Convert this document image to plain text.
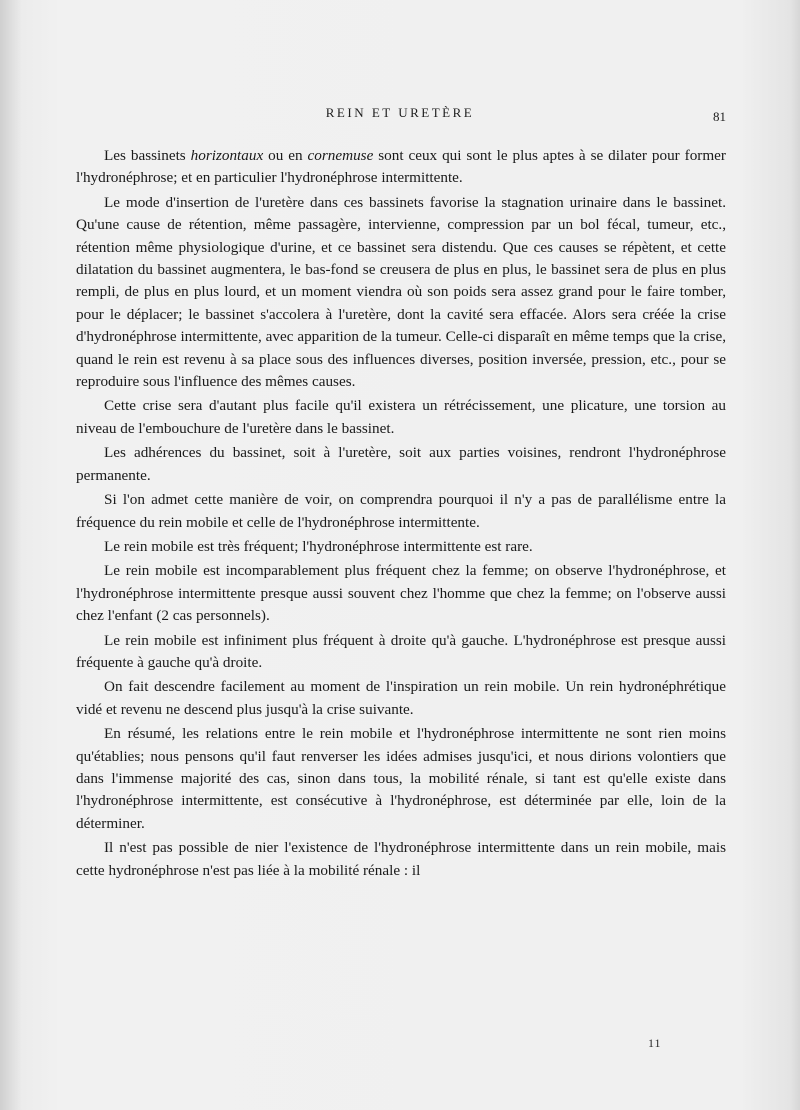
REIN ET URETÈRE	81

Les bassinets horizontaux ou en cornemuse sont ceux qui sont le plus aptes à se dilater pour former l'hydronéphrose; et en particulier l'hydronéphrose intermittente.

Le mode d'insertion de l'uretère dans ces bassinets favorise la stagnation urinaire dans le bassinet. Qu'une cause de rétention, même passagère, intervienne, compression par un bol fécal, tumeur, etc., rétention même physiologique d'urine, et ce bassinet sera distendu. Que ces causes se répètent, et cette dilatation du bassinet augmentera, le bas-fond se creusera de plus en plus, le bassinet sera de plus en plus rempli, de plus en plus lourd, et un moment viendra où son poids sera assez grand pour le faire tomber, pour le déplacer; le bassinet s'accolera à l'uretère, dont la cavité sera effacée. Alors sera créée la crise d'hydronéphrose intermittente, avec apparition de la tumeur. Celle-ci disparaît en même temps que la crise, quand le rein est revenu à sa place sous des influences diverses, position inversée, pression, etc., pour se reproduire sous l'influence des mêmes causes.

Cette crise sera d'autant plus facile qu'il existera un rétrécissement, une plicature, une torsion au niveau de l'embouchure de l'uretère dans le bassinet.

Les adhérences du bassinet, soit à l'uretère, soit aux parties voisines, rendront l'hydronéphrose permanente.

Si l'on admet cette manière de voir, on comprendra pourquoi il n'y a pas de parallélisme entre la fréquence du rein mobile et celle de l'hydronéphrose intermittente.

Le rein mobile est très fréquent; l'hydronéphrose intermittente est rare.

Le rein mobile est incomparablement plus fréquent chez la femme; on observe l'hydronéphrose, et l'hydronéphrose intermittente presque aussi souvent chez l'homme que chez la femme; on l'observe aussi chez l'enfant (2 cas personnels).

Le rein mobile est infiniment plus fréquent à droite qu'à gauche. L'hydronéphrose est presque aussi fréquente à gauche qu'à droite.

On fait descendre facilement au moment de l'inspiration un rein mobile. Un rein hydronéphrétique vidé et revenu ne descend plus jusqu'à la crise suivante.

En résumé, les relations entre le rein mobile et l'hydronéphrose intermittente ne sont rien moins qu'établies; nous pensons qu'il faut renverser les idées admises jusqu'ici, et nous dirions volontiers que dans l'immense majorité des cas, sinon dans tous, la mobilité rénale, si tant est qu'elle existe dans l'hydronéphrose intermittente, est consécutive à l'hydronéphrose, est déterminée par elle, loin de la déterminer.

Il n'est pas possible de nier l'existence de l'hydronéphrose intermittente dans un rein mobile, mais cette hydronéphrose n'est pas liée à la mobilité rénale : il

11
